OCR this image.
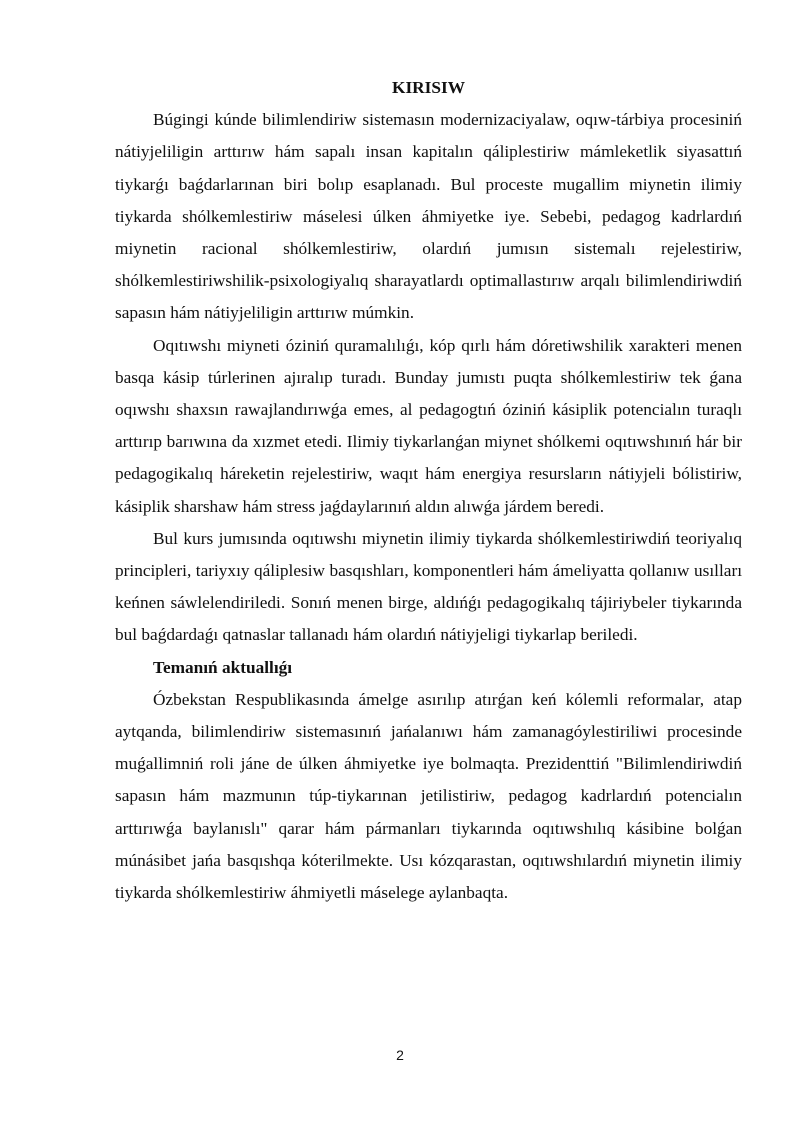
KIRISIW

Búgingi kúnde bilimlendiriw sistemasın modernizaciyalaw, oqıw-tárbiya procesiniń nátiyjeliligin arttırıw hám sapalı insan kapitalın qáliplestiriw mámleketlik siyasattıń tiykarǵı baǵdarlarınan biri bolıp esaplanadı. Bul proceste mugallim miynetin ilimiy tiykarda shólkemlestiriw máselesi úlken áhmiyetke iye. Sebebi, pedagog kadrlardıń miynetin racional shólkemlestiriw, olardıń jumısın sistemalı rejelestiriw, shólkemlestiriwshilik-psixologiyalıq sharayatlardı optimallastırıw arqalı bilimlendiriwdiń sapasın hám nátiyjeliligin arttırıw múmkin.

Oqıtıwshı miyneti óziniń quramalılıǵı, kóp qırlı hám dóretiwshilik xarakteri menen basqa kásip túrlerinen ajıralıp turadı. Bunday jumıstı puqta shólkemlestiriw tek ǵana oqıwshı shaxsın rawajlandırıwǵa emes, al pedagogtıń óziniń kásiplik potencialın turaqlı arttırıp barıwına da xızmet etedi. Ilimiy tiykarlanǵan miynet shólkemi oqıtıwshınıń hár bir pedagogikalıq háreketin rejelestiriw, waqıt hám energiya resursların nátiyjeli bólistiriw, kásiplik sharshaw hám stress jaǵdaylarınıń aldın alıwǵa járdem beredi.

Bul kurs jumısında oqıtıwshı miynetin ilimiy tiykarda shólkemlestiriwdiń teoriyalıq principleri, tariyxıy qáliplesiw basqıshları, komponentleri hám ámeliyatta qollanıw usılları keńnen sáwlelendiriledi. Sonıń menen birge, aldıńǵı pedagogikalıq tájiriybeler tiykarında bul baǵdardaǵı qatnaslar tallanadı hám olardıń nátiyjeligi tiykarlap beriledi.

Temanıń aktuallıǵı

Ózbekstan Respublikasında ámelge asırılıp atırǵan keń kólemli reformalar, atap aytqanda, bilimlendiriw sistemasınıń jańalanıwı hám zamanagóylestiriliwi procesinde muǵallimniń roli jáne de úlken áhmiyetke iye bolmaqta. Prezidenttiń "Bilimlendiriwdiń sapasın hám mazmunın túp-tiykarınan jetilistiriw, pedagog kadrlardıń potencialın arttırıwǵa baylanıslı" qarar hám pármanları tiykarında oqıtıwshılıq kásibine bolǵan múnásibet jańa basqıshqa kóterilmekte. Usı kózqarastan, oqıtıwshılardıń miynetin ilimiy tiykarda shólkemlestiriw áhmiyetli máselege aylanbaqta.

2
